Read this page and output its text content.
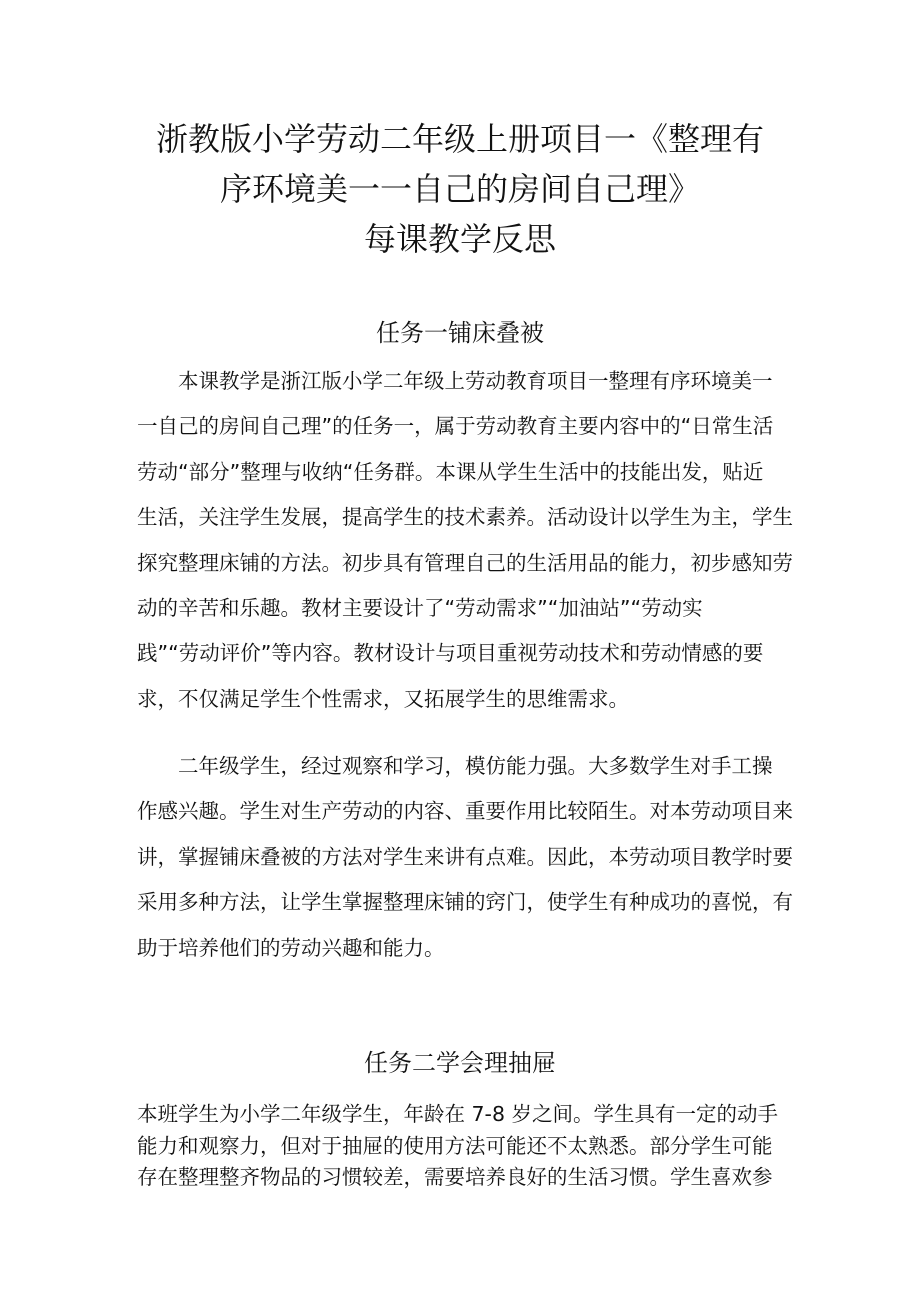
浙教版小学劳动二年级上册项目一《整理有
序环境美一一自己的房间自己理》
每课教学反思
任务一铺床叠被
本课教学是浙江版小学二年级上劳动教育项目一整理有序环境美一
一自己的房间自己理”的任务一，属于劳动教育主要内容中的“日常生活
劳动“部分”整理与收纳“任务群。本课从学生生活中的技能出发，贴近
生活，关注学生发展，提高学生的技术素养。活动设计以学生为主，学生
探究整理床铺的方法。初步具有管理自己的生活用品的能力，初步感知劳
动的辛苦和乐趣。教材主要设计了“劳动需求”“加油站”“劳动实
践”“劳动评价”等内容。教材设计与项目重视劳动技术和劳动情感的要
求，不仅满足学生个性需求，又拓展学生的思维需求。
二年级学生，经过观察和学习，模仿能力强。大多数学生对手工操
作感兴趣。学生对生产劳动的内容、重要作用比较陌生。对本劳动项目来
讲，掌握铺床叠被的方法对学生来讲有点难。因此，本劳动项目教学时要
采用多种方法，让学生掌握整理床铺的窍门，使学生有种成功的喜悦，有
助于培养他们的劳动兴趣和能力。
任务二学会理抽屉
本班学生为小学二年级学生，年龄在 7-8 岁之间。学生具有一定的动手
能力和观察力，但对于抽屉的使用方法可能还不太熟悉。部分学生可能
存在整理整齐物品的习惯较差，需要培养良好的生活习惯。学生喜欢参
